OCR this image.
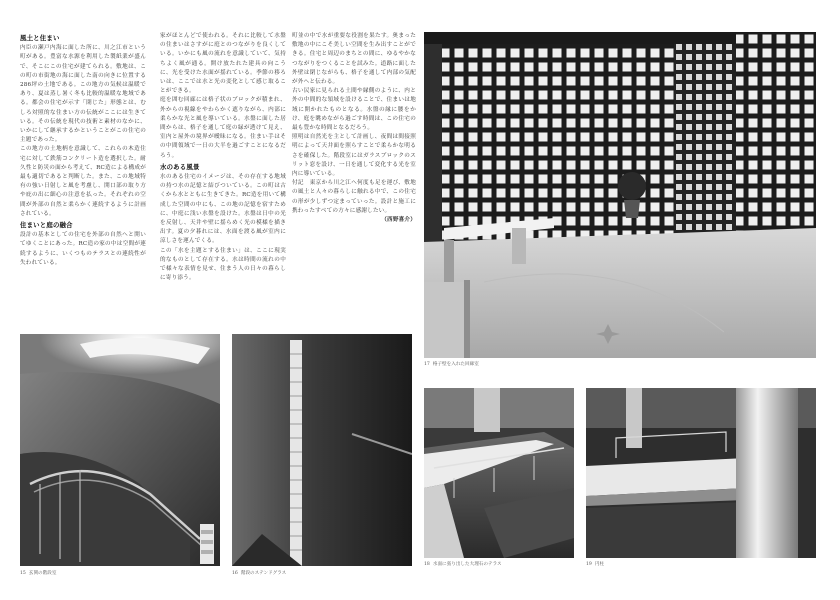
風土と住まい

内臣の瀬戸内海に面した所に、川之江市という町がある。豊富な水源を利用した製紙業が盛んで、そこにこの住宅が建てられる。敷地は、この町の市街地の海に面した南の向きに位置する286坪の土地である。この地方の気候は温暖であり、夏は蒸し暑く冬も比較的温暖な地域である。都会の住宅が示す「閉じた」形態とは、むしろ対照的な住まい方の伝統がここには生きている。その伝統を現代の技術と素材のなかに、いかにして継承するかということがこの住宅の主題であった。

この地方の土地柄を意識して、これらの木造住宅に対して鉄筋コンクリート造を選択した。耐久性と防災の面から考えて、RC造による構成が最も適切であると判断した。また、この地域特有の強い日射しと風を考慮し、開口部の取り方や庇の出に細心の注意を払った。それぞれの空間が外部の自然と柔らかく連続するように計画されている。

住まいと庭の融合

設計の基本としての住宅を外部の自然へと開いてゆくことにあった。RC造の家の中は空間が連続するように、いくつものテラスとの連続性が失われている。

家がほとんどで使われる。それに比較して水盤の住まいはさすがに庭とのつながりを良くしている。いかにも風の流れを意識していて、気持ちよく風が通る。開け放たれた建具の向こうに、光を受けた水面が揺れている。季節の移ろいは、ここでは水と光の変化として感じ取ることができる。

庭を囲む回廊には格子状のブロックが積まれ、外からの視線をやわらかく遮りながら、内部に柔らかな光と風を導いている。水盤に面した居間からは、格子を通して庭の緑が透けて見え、室内と屋外の境界が曖昧になる。住まい手はその中間領域で一日の大半を過ごすことになるだろう。

水のある風景

水のある住宅のイメージは、その存在する地域の持つ水の記憶と結びついている。この町は古くから水とともに生きてきた。RC造を用いて構成した空間の中にも、この地の記憶を宿すために、中庭に浅い水盤を設けた。水盤は日中の光を反射し、天井や壁に揺らめく光の模様を描き出す。夏の夕暮れには、水面を渡る風が室内に涼しさを運んでくる。

この「水を主題とする住まい」は、ここに現実的なものとして存在する。水は時間の流れの中で様々な表情を見せ、住まう人の日々の暮らしに寄り添う。

町並の中で水が重要な役割を果たす。奥まった敷地の中にこそ美しい空間を生み出すことができる。住宅と周辺のまちとの間に、ゆるやかなつながりをつくることを試みた。道路に面した外壁は閉じながらも、格子を通して内部の気配が外へと伝わる。

古い民家に見られる土間や縁側のように、内と外の中間的な領域を設けることで、住まいは地域に開かれたものとなる。水盤の縁に腰をかけ、庭を眺めながら過ごす時間は、この住宅の最も豊かな時間となるだろう。

照明は自然光を主として計画し、夜間は間接照明によって天井面を照らすことで柔らかな明るさを確保した。階段室にはガラスブロックのスリット窓を設け、一日を通して変化する光を室内に導いている。

付記　東京から川之江へ何度も足を運び、敷地の風土と人々の暮らしに触れる中で、この住宅の形が少しずつ定まっていった。設計と施工に携わったすべての方々に感謝したい。

（西野喜介）
15 玄関の階段室	16 階段のステンドグラス
17 格子壁を入れた回廊室
18 水面に張り出した大理石のテラス	19 円柱
